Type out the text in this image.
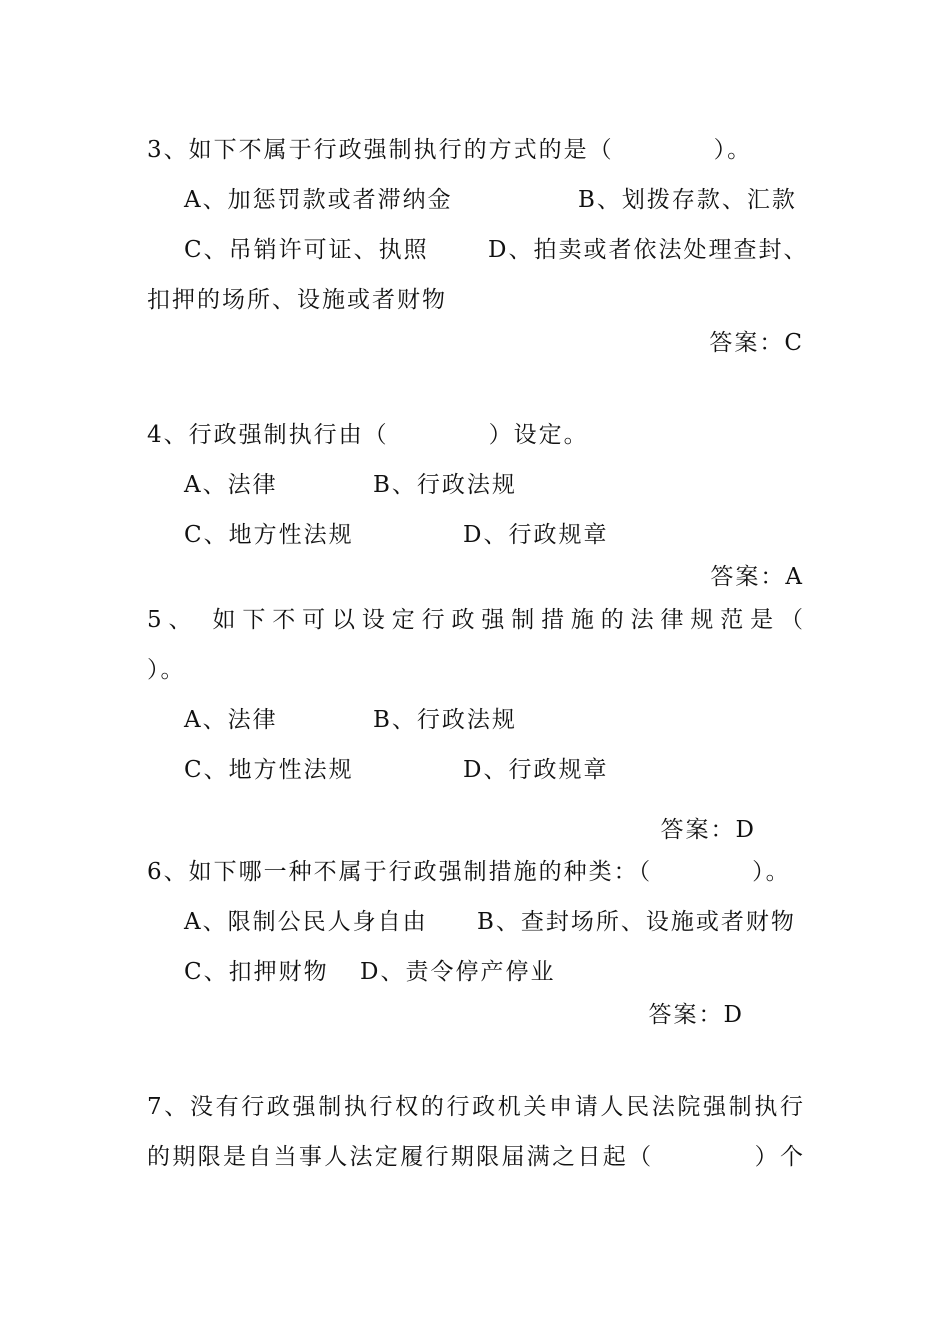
3、如下不属于行政强制执行的方式的是（　　　　）。
A、加惩罚款或者滞纳金	B、划拨存款、汇款
C、吊销许可证、执照	D、拍卖或者依法处理查封、
扣押的场所、设施或者财物
答案：C
4、行政强制执行由（　　　　）设定。
A、法律	B、行政法规
C、地方性法规	D、行政规章
答案：A
5、 如下不可以设定行政强制措施的法律规范是（
）。
A、法律	B、行政法规
C、地方性法规	D、行政规章
答案：D
6、如下哪一种不属于行政强制措施的种类：（　　　　）。
A、限制公民人身自由 B、查封场所、设施或者财物
C、扣押财物 D、责令停产停业
答案：D
7、没有行政强制执行权的行政机关申请人民法院强制执行
的期限是自当事人法定履行期限届满之日起（　　　　）个
